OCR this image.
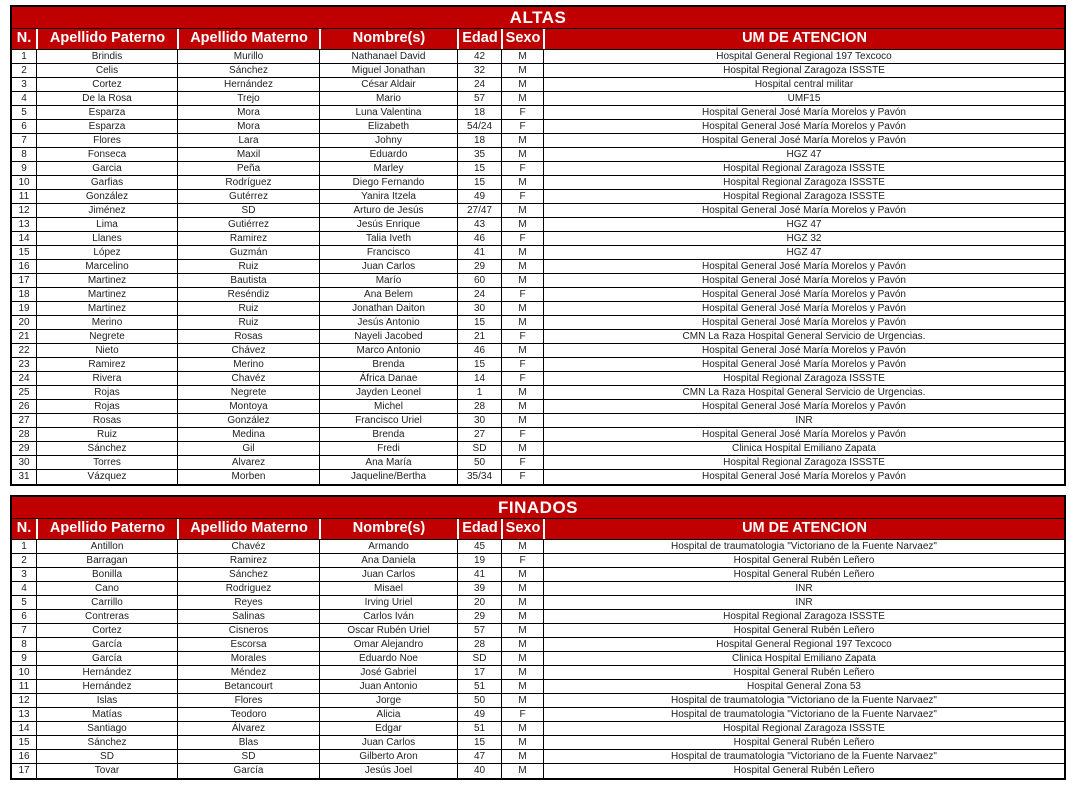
ALTAS
N.	Apellido Paterno	Apellido Materno	Nombre(s)	Edad Sexo	UM DE ATENCION
1	Brindis	Murillo	Nathanael David	42	M	Hospital General Regional 197 Texcoco
2	Celis	Sánchez	Miguel Jonathan	32	M	Hospital Regional Zaragoza ISSSTE
3	Cortez	Hernández	César Aldair	24	M	Hospital central militar
4	De la Rosa	Trejo	Mario	57	M	UMF15
5	Esparza	Mora	Luna Valentina	18	F	Hospital General José María Morelos y Pavón
6	Esparza	Mora	Elizabeth	54/24	F	Hospital General José María Morelos y Pavón
7	Flores	Lara	Johny	18	M	Hospital General José María Morelos y Pavón
8	Fonseca	Maxil	Eduardo	35	M	HGZ 47
9	Garcia	Peña	Marley	15	F	Hospital Regional Zaragoza ISSSTE
10	Garfias	Rodríguez	Diego Fernando	15	M	Hospital Regional Zaragoza ISSSTE
11	González	Gutérrez	Yanira Itzela	49	F	Hospital Regional Zaragoza ISSSTE
12	Jiménez	SD	Arturo de Jesús	27/47	M	Hospital General José María Morelos y Pavón
13	Lima	Gutiérrez	Jesús Enrique	43	M	HGZ 47
14	Llanes	Ramirez	Talia Iveth	46	F	HGZ 32
15	López	Guzmán	Francisco	41	M	HGZ 47
16	Marcelino	Ruiz	Juan Carlos	29	M	Hospital General José María Morelos y Pavón
17	Martinez	Bautista	Marío	60	M	Hospital General José María Morelos y Pavón
18	Martinez	Reséndiz	Ana Belem	24	F	Hospital General José María Morelos y Pavón
19	Martinez	Ruiz	Jonathan Daiton	30	M	Hospital General José María Morelos y Pavón
20	Merino	Ruiz	Jesús Antonio	15	M	Hospital General José María Morelos y Pavón
21	Negrete	Rosas	Nayeli Jacobed	21	F	CMN La Raza Hospital General Servicio de Urgencias.
22	Nieto	Chávez	Marco Antonio	46	M	Hospital General José María Morelos y Pavón
23	Ramirez	Merino	Brenda	15	F	Hospital General José María Morelos y Pavón
24	Rivera	Chavéz	África Danae	14	F	Hospital Regional Zaragoza ISSSTE
25	Rojas	Negrete	Jayden Leonel	1	M	CMN La Raza Hospital General Servicio de Urgencias.
26	Rojas	Montoya	Michel	28	M	Hospital General José María Morelos y Pavón
27	Rosas	González	Francisco Uriel	30	M	INR
28	Ruiz	Medina	Brenda	27	F	Hospital General José María Morelos y Pavón
29	Sánchez	Gil	Fredi	SD	M	Clinica Hospital Emiliano Zapata
30	Torres	Alvarez	Ana María	50	F	Hospital Regional Zaragoza ISSSTE
31	Vázquez	Morben	Jaqueline/Bertha	35/34	F	Hospital General José María Morelos y Pavón
FINADOS
N.	Apellido Paterno	Apellido Materno	Nombre(s)	Edad Sexo	UM DE ATENCION
1	Antillon	Chavéz	Armando	45	M	Hospital de traumatologia "Victoriano de la Fuente Narvaez"
2	Barragan	Ramirez	Ana Daniela	19	F	Hospital General Rubén Leñero
3	Bonilla	Sánchez	Juan Carlos	41	M	Hospital General Rubén Leñero
4	Cano	Rodriguez	Misael	39	M	INR
5	Carrillo	Reyes	Irving Uriel	20	M	INR
6	Contreras	Salinas	Carlos Iván	29	M	Hospital Regional Zaragoza ISSSTE
7	Cortez	Cisneros	Oscar Rubén Uriel	57	M	Hospital General Rubén Leñero
8	García	Escorsa	Omar Alejandro	28	M	Hospital General Regional 197 Texcoco
9	García	Morales	Eduardo Noe	SD	M	Clinica Hospital Emiliano Zapata
10	Hernández	Méndez	José Gabriel	17	M	Hospital General Rubén Leñero
11	Hernández	Betancourt	Juan Antonio	51	M	Hospital General Zona 53
12	Islas	Flores	Jorge	50	M	Hospital de traumatologia "Victoriano de la Fuente Narvaez"
13	Matías	Teodoro	Alicia	49	F	Hospital de traumatologia "Victoriano de la Fuente Narvaez"
14	Santiago	Álvarez	Edgar	51	M	Hospital Regional Zaragoza ISSSTE
15	Sánchez	Blas	Juan Carlos	15	M	Hospital General Rubén Leñero
16	SD	SD	Gilberto Aron	47	M	Hospital de traumatologia "Victoriano de la Fuente Narvaez"
17	Tovar	García	Jesús Joel	40	M	Hospital General Rubén Leñero
